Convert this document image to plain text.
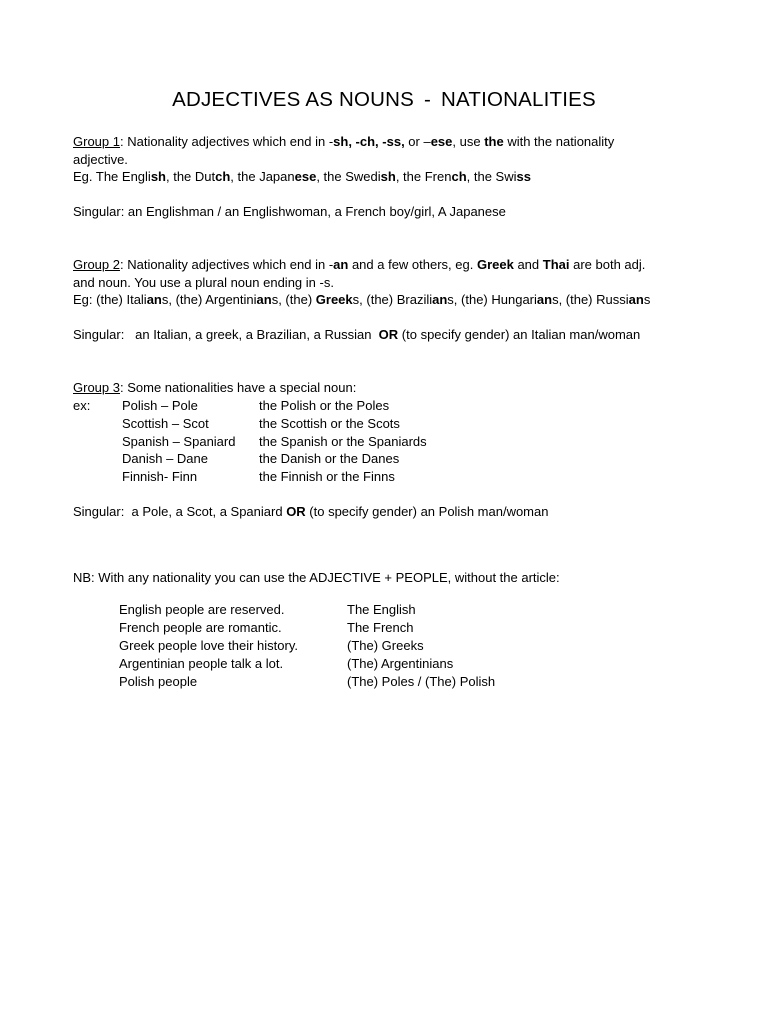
ADJECTIVES AS NOUNS - NATIONALITIES
Group 1: Nationality adjectives which end in -sh, -ch, -ss, or –ese, use the with the nationality
adjective.
Eg. The English, the Dutch, the Japanese, the Swedish, the French, the Swiss
Singular: an Englishman / an Englishwoman, a French boy/girl, A Japanese
Group 2: Nationality adjectives which end in -an and a few others, eg. Greek and Thai are both adj.
and noun. You use a plural noun ending in -s.
Eg: (the) Italians, (the) Argentinians, (the) Greeks, (the) Brazilians, (the) Hungarians, (the) Russians
Singular:   an Italian, a greek, a Brazilian, a Russian  OR (to specify gender) an Italian man/woman
Group 3: Some nationalities have a special noun:
ex: Polish – Pole	the Polish or the Poles
Scottish – Scot	the Scottish or the Scots
Spanish – Spaniard the Spanish or the Spaniards
Danish – Dane	the Danish or the Danes
Finnish- Finn	the Finnish or the Finns
Singular:  a Pole, a Scot, a Spaniard OR (to specify gender) an Polish man/woman
NB: With any nationality you can use the ADJECTIVE + PEOPLE, without the article:
English people are reserved.	The English
French people are romantic.	The French
Greek people love their history.	(The) Greeks
Argentinian people talk a lot.	(The) Argentinians
Polish people	(The) Poles / (The) Polish
